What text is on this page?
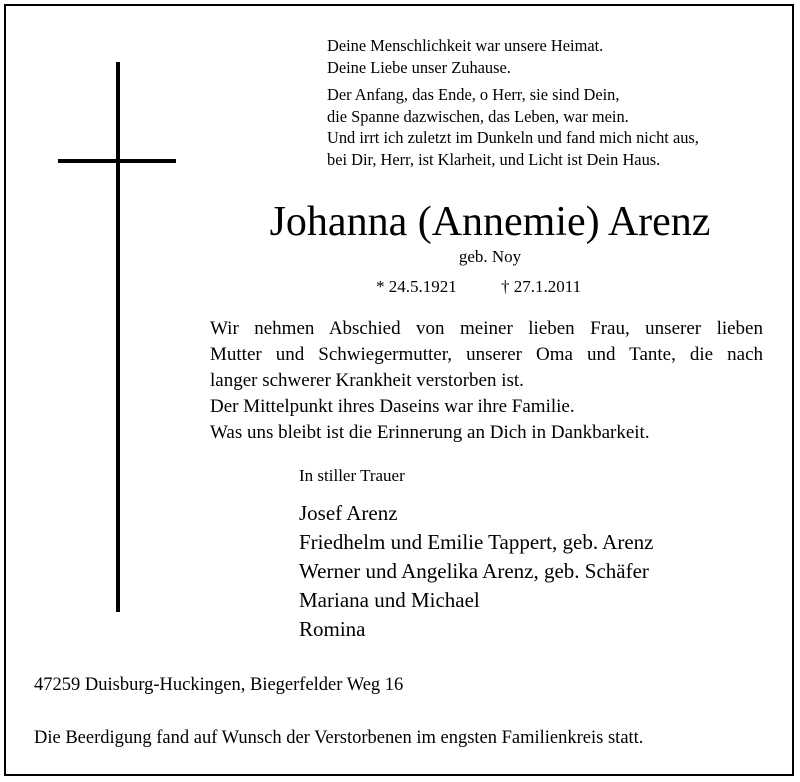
Deine Menschlichkeit war unsere Heimat.
Deine Liebe unser Zuhause.
Der Anfang, das Ende, o Herr, sie sind Dein,
die Spanne dazwischen, das Leben, war mein.
Und irrt ich zuletzt im Dunkeln und fand mich nicht aus,
bei Dir, Herr, ist Klarheit, und Licht ist Dein Haus.
Johanna (Annemie) Arenz
geb. Noy
* 24.5.1921	† 27.1.2011
Wir nehmen Abschied von meiner lieben Frau, unserer lieben
Mutter und Schwiegermutter, unserer Oma und Tante, die nach
langer schwerer Krankheit verstorben ist.
Der Mittelpunkt ihres Daseins war ihre Familie.
Was uns bleibt ist die Erinnerung an Dich in Dankbarkeit.
In stiller Trauer
Josef Arenz
Friedhelm und Emilie Tappert, geb. Arenz
Werner und Angelika Arenz, geb. Schäfer
Mariana und Michael
Romina
47259 Duisburg-Huckingen, Biegerfelder Weg 16
Die Beerdigung fand auf Wunsch der Verstorbenen im engsten Familienkreis statt.
